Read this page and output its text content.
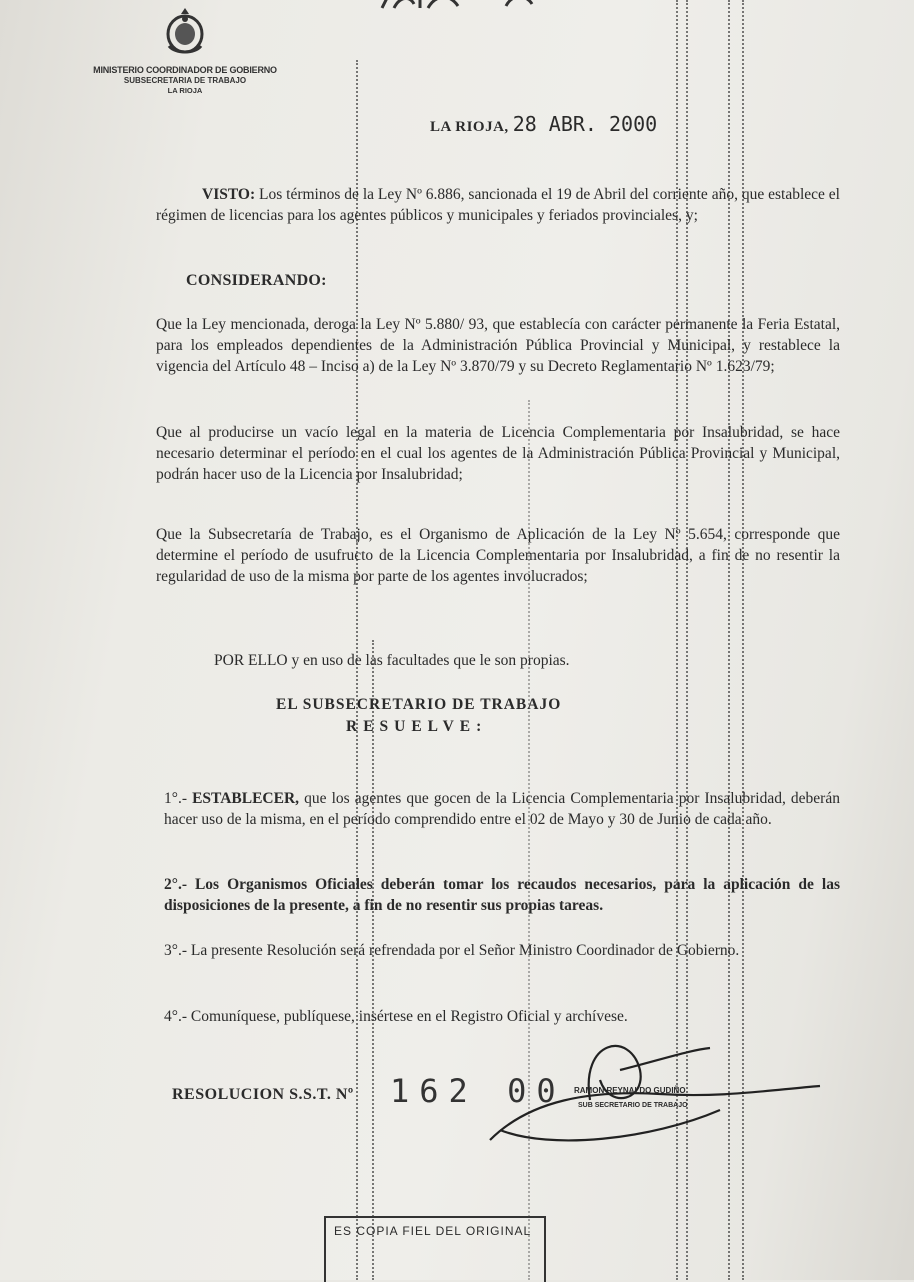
MINISTERIO COORDINADOR DE GOBIERNO
SUBSECRETARIA DE TRABAJO
LA RIOJA
LA RIOJA, 28 ABR. 2000
VISTO: Los términos de la Ley Nº 6.886, sancionada el 19 de Abril del corriente año, que establece el régimen de licencias para los agentes públicos y municipales y feriados provinciales, y;
CONSIDERANDO:
Que la Ley mencionada, deroga la Ley Nº 5.880/ 93, que establecía con carácter permanente la Feria Estatal, para los empleados dependientes de la Administración Pública Provincial y Municipal, y restablece la vigencia del Artículo 48 – Inciso a) de la Ley Nº 3.870/79 y su Decreto Reglamentario Nº 1.623/79;
Que al producirse un vacío legal en la materia de Licencia Complementaria por Insalubridad, se hace necesario determinar el período en el cual los agentes de la Administración Pública Provincial y Municipal, podrán hacer uso de la Licencia por Insalubridad;
Que la Subsecretaría de Trabajo, es el Organismo de Aplicación de la Ley Nº 5.654, corresponde que determine el período de usufructo de la Licencia Complementaria por Insalubridad, a fin de no resentir la regularidad de uso de la misma por parte de los agentes involucrados;
POR ELLO y en uso de las facultades que le son propias.
EL SUBSECRETARIO DE TRABAJO
RESUELVE:
1°.- ESTABLECER, que los agentes que gocen de la Licencia Complementaria por Insalubridad, deberán hacer uso de la misma, en el período comprendido entre el 02 de Mayo y 30 de Junio de cada año.
2°.- Los Organismos Oficiales deberán tomar los recaudos necesarios, para la aplicación de las disposiciones de la presente, a fin de no resentir sus propias tareas.
3°.- La presente Resolución será refrendada por el Señor Ministro Coordinador de Gobierno.
4°.- Comuníquese, publíquese, insértese en el Registro Oficial y archívese.
RESOLUCION S.S.T. Nº 162 00 RAMON REYNALDO GUDIÑO
SUB SECRETARIO DE TRABAJO
ES COPIA FIEL DEL ORIGINAL
